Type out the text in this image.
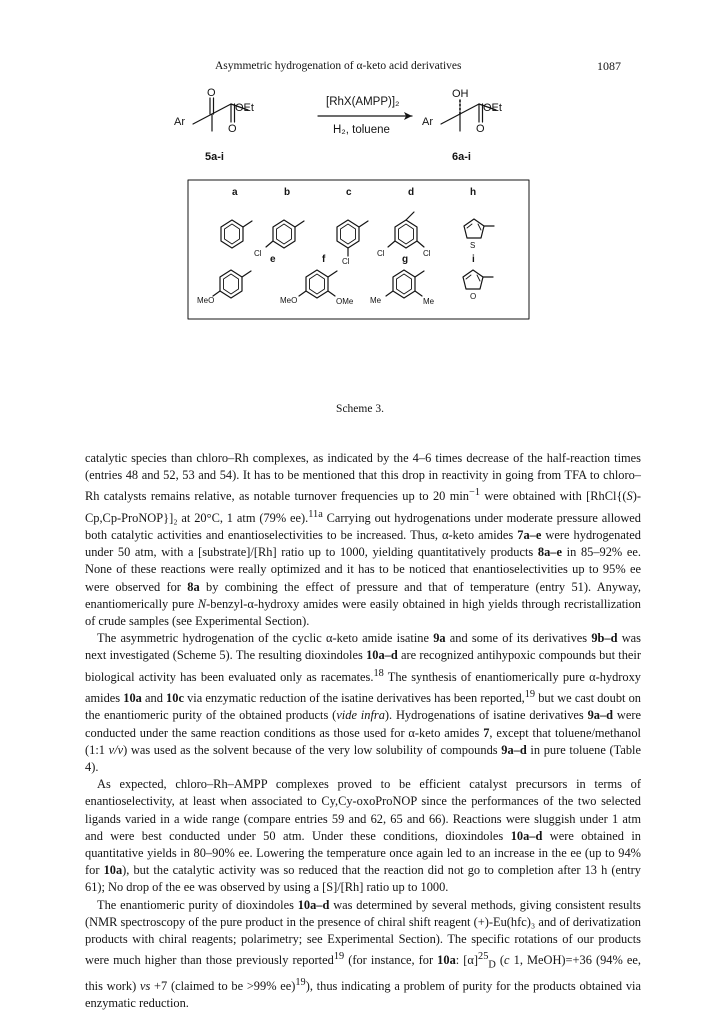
Asymmetric hydrogenation of α-keto acid derivatives	1087
O
Ar
OEt
O
5a-i
[RhX(AMPP)]₂
H₂, toluene
OH
Ar
OEt
O
6a-i
Cl
Cl
Cl	Cl
S
a	b	c	d	h
e	f	g	i
MeO	MeO	OMe Me	Me
O
Scheme 3.

catalytic species than chloro–Rh complexes, as indicated by the 4–6 times decrease of the half-reaction times (entries 48 and 52, 53 and 54). It has to be mentioned that this drop in reactivity in going from TFA to chloro–Rh catalysts remains relative, as notable turnover frequencies up to 20 $\min^{-1}$ were obtained with [RhCl{(S)-Cp,Cp-ProNOP}]₂ at 20°C, 1 atm (79% ee).$^{11a}$ Carrying out hydrogenations under moderate pressure allowed both catalytic activities and enantioselectivities to be increased. Thus, α-keto amides 7a–e were hydrogenated under 50 atm, with a [substrate]/[Rh] ratio up to 1000, yielding quantitatively products 8a–e in 85–92% ee. None of these reactions were really optimized and it has to be noticed that enantioselectivities up to 95% ee were observed for 8a by combining the effect of pressure and that of temperature (entry 51). Anyway, enantiomerically pure N-benzyl-α-hydroxy amides were easily obtained in high yields through recristallization of crude samples (see Experimental Section).

The asymmetric hydrogenation of the cyclic α-keto amide isatine 9a and some of its derivatives 9b–d was next investigated (Scheme 5). The resulting dioxindoles 10a–d are recognized antihypoxic compounds but their biological activity has been evaluated only as racemates.$^{18}$ The synthesis of enantiomerically pure α-hydroxy amides 10a and 10c via enzymatic reduction of the isatine derivatives has been reported,$^{19}$ but we cast doubt on the enantiomeric purity of the obtained products (vide infra). Hydrogenations of isatine derivatives 9a–d were conducted under the same reaction conditions as those used for α-keto amides 7, except that toluene/methanol (1:1 v/v) was used as the solvent because of the very low solubility of compounds 9a–d in pure toluene (Table 4).

As expected, chloro–Rh–AMPP complexes proved to be efficient catalyst precursors in terms of enantioselectivity, at least when associated to Cy,Cy-oxoProNOP since the performances of the two selected ligands varied in a wide range (compare entries 59 and 62, 65 and 66). Reactions were sluggish under 1 atm and were best conducted under 50 atm. Under these conditions, dioxindoles 10a–d were obtained in quantitative yields in 80–90% ee. Lowering the temperature once again led to an increase in the ee (up to 94% for 10a), but the catalytic activity was so reduced that the reaction did not go to completion after 13 h (entry 61); No drop of the ee was observed by using a [S]/[Rh] ratio up to 1000.

The enantiomeric purity of dioxindoles 10a–d was determined by several methods, giving consistent results (NMR spectroscopy of the pure product in the presence of chiral shift reagent (+)-Eu(hfc)₃ and of derivatization products with chiral reagents; polarimetry; see Experimental Section). The specific rotations of our products were much higher than those previously reported$^{19}$ (for instance, for 10a: $[\alpha]^{25}_D$ (c 1, MeOH)=+36 (94% ee, this work) vs +7 (claimed to be >99% ee)$^{19}$), thus indicating a problem of purity for the products obtained via enzymatic reduction.
